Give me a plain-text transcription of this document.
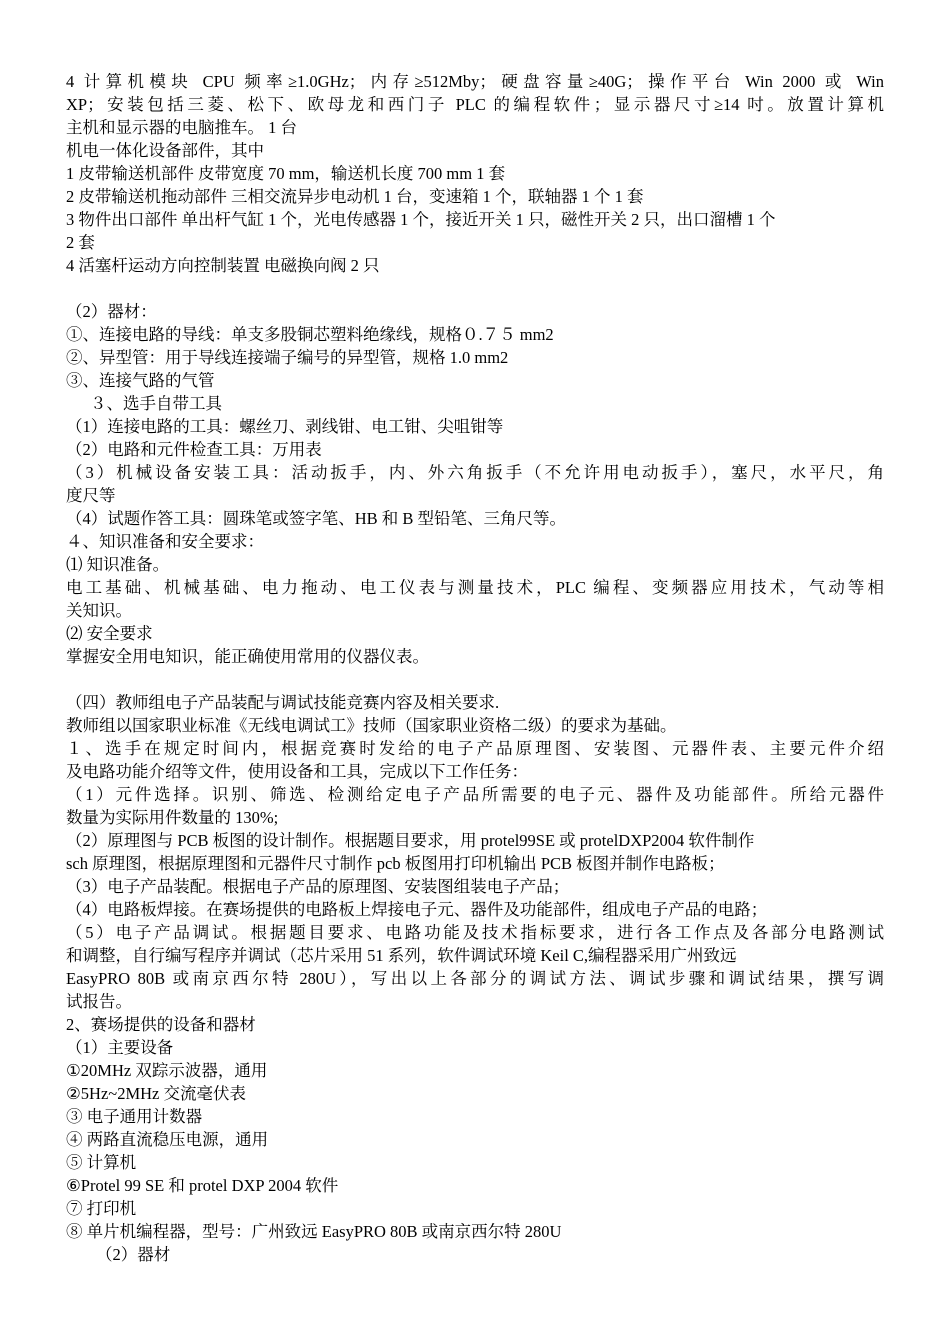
4 计算机模块 CPU 频率≥1.0GHz；内存≥512Mby；硬盘容量≥40G；操作平台 Win 2000 或 Win
XP；安装包括三菱、松下、欧母龙和西门子 PLC 的编程软件；显示器尺寸≥14 吋。放置计算机
主机和显示器的电脑推车。 1 台
机电一体化设备部件，其中
1 皮带输送机部件 皮带宽度 70 mm，输送机长度 700 mm 1 套
2 皮带输送机拖动部件 三相交流异步电动机 1 台，变速箱 1 个，联轴器 1 个 1 套
3 物件出口部件 单出杆气缸 1 个，光电传感器 1 个，接近开关 1 只，磁性开关 2 只，出口溜槽 1 个
2 套
4 活塞杆运动方向控制装置 电磁换向阀 2 只
（2）器材：
①、连接电路的导线：单支多股铜芯塑料绝缘线，规格０.７５ mm2
②、异型管：用于导线连接端子编号的异型管，规格 1.0 mm2
③、连接气路的气管
３、选手自带工具
（1）连接电路的工具：螺丝刀、剥线钳、电工钳、尖咀钳等
（2）电路和元件检查工具：万用表
（3）机械设备安装工具：活动扳手，内、外六角扳手（不允许用电动扳手），塞尺，水平尺，角
度尺等
（4）试题作答工具：圆珠笔或签字笔、HB 和 B 型铅笔、三角尺等。
４、知识准备和安全要求：
⑴ 知识准备。
电工基础、机械基础、电力拖动、电工仪表与测量技术，PLC 编程、变频器应用技术，气动等相
关知识。
⑵ 安全要求
掌握安全用电知识，能正确使用常用的仪器仪表。
（四）教师组电子产品装配与调试技能竞赛内容及相关要求.
教师组以国家职业标准《无线电调试工》技师（国家职业资格二级）的要求为基础。
１、选手在规定时间内，根据竞赛时发给的电子产品原理图、安装图、元器件表、主要元件介绍
及电路功能介绍等文件，使用设备和工具，完成以下工作任务：
（1）元件选择。识别、筛选、检测给定电子产品所需要的电子元、器件及功能部件。所给元器件
数量为实际用件数量的 130%;
（2）原理图与 PCB 板图的设计制作。根据题目要求，用 protel99SE 或 protelDXP2004 软件制作
sch 原理图，根据原理图和元器件尺寸制作 pcb 板图用打印机输出 PCB 板图并制作电路板；
（3）电子产品装配。根据电子产品的原理图、安装图组装电子产品；
（4）电路板焊接。在赛场提供的电路板上焊接电子元、器件及功能部件，组成电子产品的电路；
（5）电子产品调试。根据题目要求、电路功能及技术指标要求，进行各工作点及各部分电路测试
和调整，自行编写程序并调试（芯片采用 51 系列，软件调试环境 Keil C,编程器采用广州致远
EasyPRO 80B 或南京西尔特 280U），写出以上各部分的调试方法、调试步骤和调试结果，撰写调
试报告。
2、赛场提供的设备和器材
（1）主要设备
①20MHz 双踪示波器，通用
②5Hz~2MHz 交流毫伏表
③ 电子通用计数器
④ 两路直流稳压电源，通用
⑤ 计算机
⑥Protel 99 SE 和 protel DXP 2004 软件
⑦ 打印机
⑧ 单片机编程器，型号：广州致远 EasyPRO 80B 或南京西尔特 280U
（2）器材
